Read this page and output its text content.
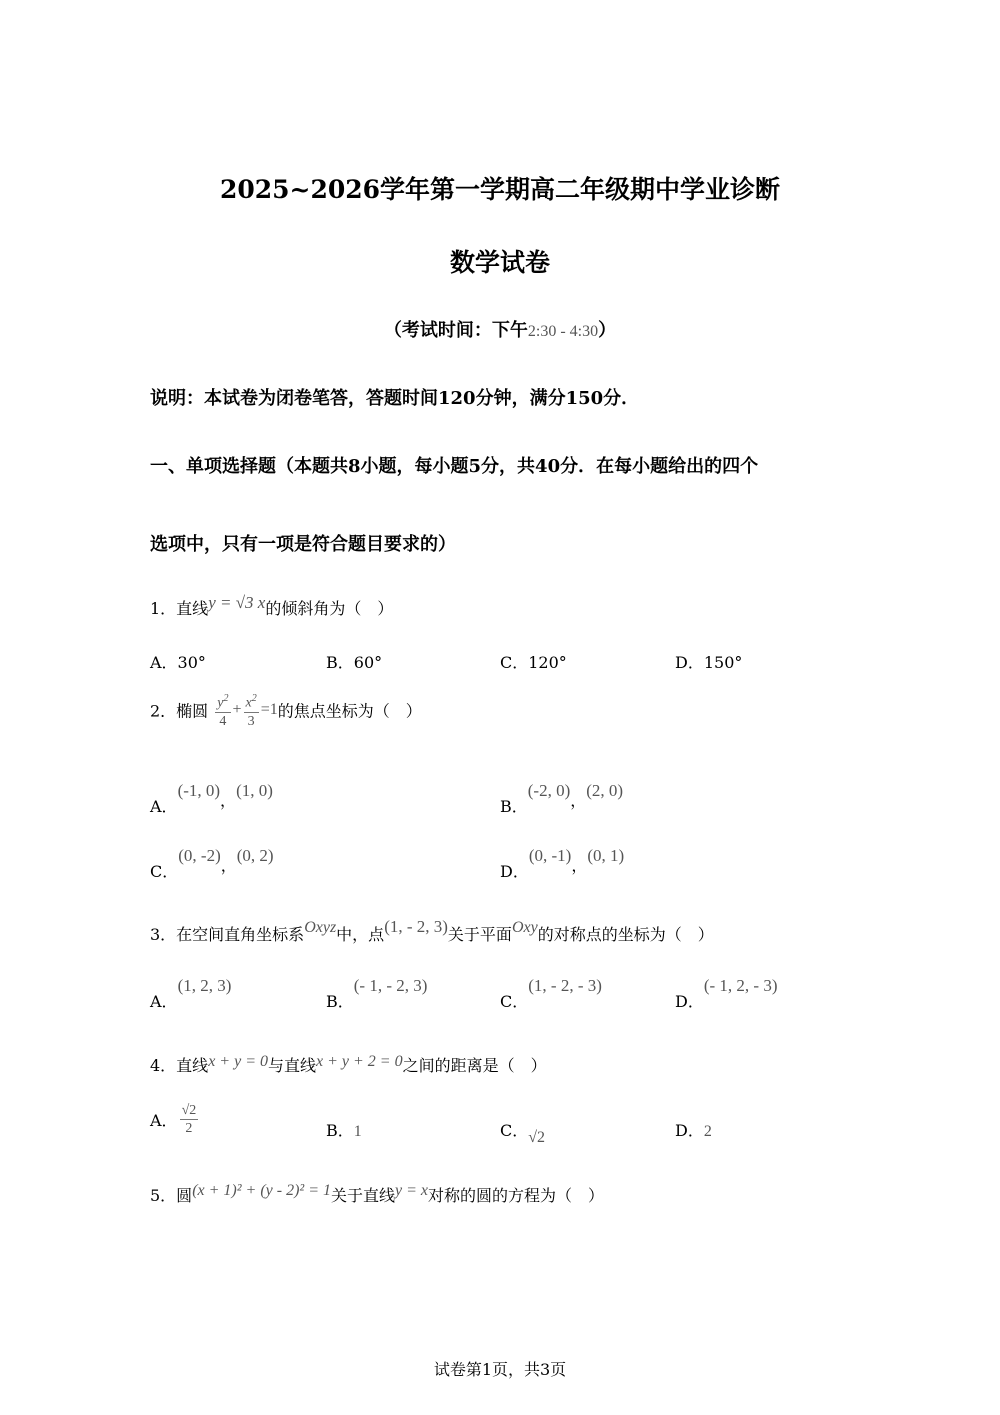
2025~2026学年第一学期高二年级期中学业诊断
数学试卷
（考试时间：下午2:30 - 4:30）
说明：本试卷为闭卷笔答，答题时间120分钟，满分150分．
一、单项选择题（本题共8小题，每小题5分，共40分．在每小题给出的四个
选项中，只有一项是符合题目要求的）
1．直线y = √3 x的倾斜角为（　）
A．30°	B．60°	C．120°	D．150°
2．椭圆 $\frac{y^2}{4} + \frac{x^2}{3} =1$的焦点坐标为（　）
A．(-1, 0)，(1, 0)
B．(-2, 0)，(2, 0)
C．(0, -2)，(0, 2)
D．(0, -1)，(0, 1)
3．在空间直角坐标系Oxyz中，点(1, - 2, 3)关于平面Oxy的对称点的坐标为（　）
A．(1, 2, 3)
B．(- 1, - 2, 3)
C．(1, - 2, - 3)
D．(- 1, 2, - 3)
4．直线x + y = 0与直线x + y + 2 = 0之间的距离是（　）
A． $\frac{√2}{2}$	B．1	C．√2	D．2
5．圆(x + 1)² + (y - 2)² = 1关于直线y = x对称的圆的方程为（　）
试卷第1页，共3页
